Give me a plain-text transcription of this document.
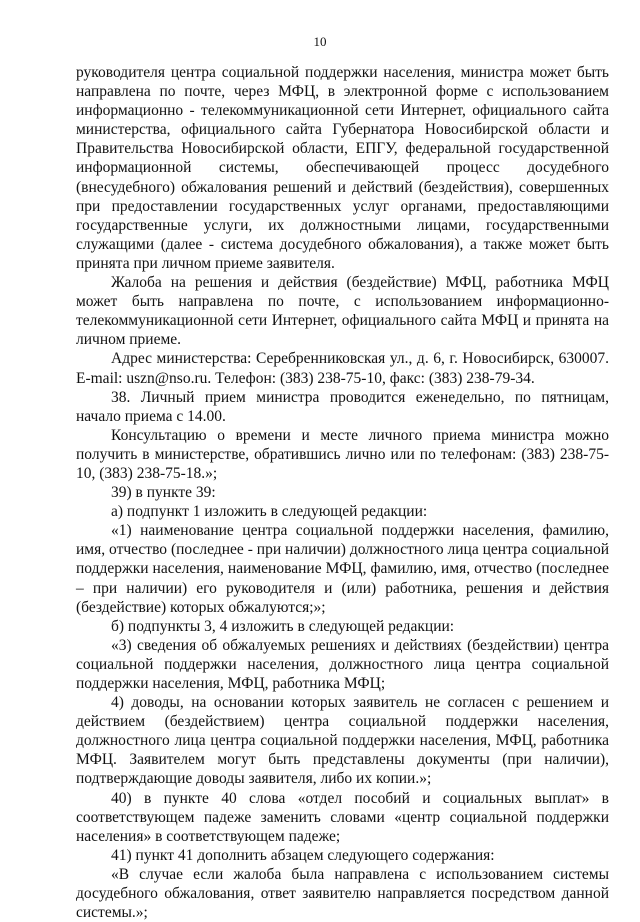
10

руководителя центра социальной поддержки населения, министра может быть направлена по почте, через МФЦ, в электронной форме с использованием информационно - телекоммуникационной сети Интернет, официального сайта министерства, официального сайта Губернатора Новосибирской области и Правительства Новосибирской области, ЕПГУ, федеральной государственной информационной системы, обеспечивающей процесс досудебного (внесудебного) обжалования решений и действий (бездействия), совершенных при предоставлении государственных услуг органами, предоставляющими государственные услуги, их должностными лицами, государственными служащими (далее - система досудебного обжалования), а также может быть принята при личном приеме заявителя.

Жалоба на решения и действия (бездействие) МФЦ, работника МФЦ может быть направлена по почте, с использованием информационно-телекоммуникационной сети Интернет, официального сайта МФЦ и принята на личном приеме.

Адрес министерства: Серебренниковская ул., д. 6, г. Новосибирск, 630007. E-mail: uszn@nso.ru. Телефон: (383) 238-75-10, факс: (383) 238-79-34.

38. Личный прием министра проводится еженедельно, по пятницам, начало приема с 14.00.

Консультацию о времени и месте личного приема министра можно получить в министерстве, обратившись лично или по телефонам: (383) 238-75-10, (383) 238-75-18.»;

39) в пункте 39:

а) подпункт 1 изложить в следующей редакции:

«1) наименование центра социальной поддержки населения, фамилию, имя, отчество (последнее - при наличии) должностного лица центра социальной поддержки населения, наименование МФЦ, фамилию, имя, отчество (последнее – при наличии) его руководителя и (или) работника, решения и действия (бездействие) которых обжалуются;»;

б) подпункты 3, 4 изложить в следующей редакции:

«3) сведения об обжалуемых решениях и действиях (бездействии) центра социальной поддержки населения, должностного лица центра социальной поддержки населения, МФЦ, работника МФЦ;

4) доводы, на основании которых заявитель не согласен с решением и действием (бездействием) центра социальной поддержки населения, должностного лица центра социальной поддержки населения, МФЦ, работника МФЦ. Заявителем могут быть представлены документы (при наличии), подтверждающие доводы заявителя, либо их копии.»;

40) в пункте 40 слова «отдел пособий и социальных выплат» в соответствующем падеже заменить словами «центр социальной поддержки населения» в соответствующем падеже;

41) пункт 41 дополнить абзацем следующего содержания:

«В случае если жалоба была направлена с использованием системы досудебного обжалования, ответ заявителю направляется посредством данной системы.»;
